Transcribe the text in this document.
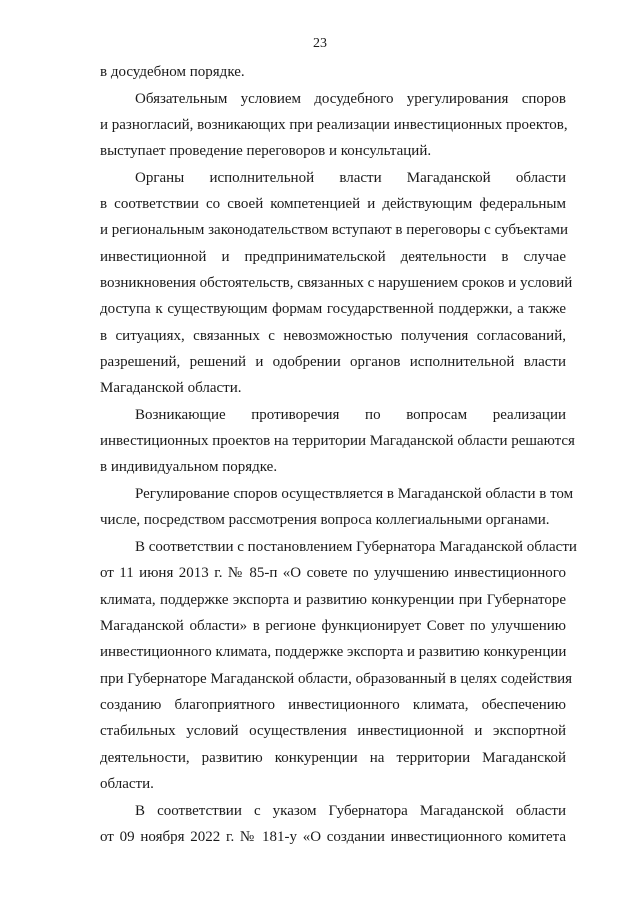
23
в досудебном порядке.
Обязательным условием досудебного урегулирования споров
и разногласий, возникающих при реализации инвестиционных проектов,
выступает проведение переговоров и консультаций.
Органы исполнительной власти Магаданской области
в соответствии со своей компетенцией и действующим федеральным
и региональным законодательством вступают в переговоры с субъектами
инвестиционной и предпринимательской деятельности в случае
возникновения обстоятельств, связанных с нарушением сроков и условий
доступа к существующим формам государственной поддержки, а также
в ситуациях, связанных с невозможностью получения согласований,
разрешений, решений и одобрении органов исполнительной власти
Магаданской области.
Возникающие противоречия по вопросам реализации
инвестиционных проектов на территории Магаданской области решаются
в индивидуальном порядке.
Регулирование споров осуществляется в Магаданской области в том
числе, посредством рассмотрения вопроса коллегиальными органами.
В соответствии с постановлением Губернатора Магаданской области
от 11 июня 2013 г. № 85-п «О совете по улучшению инвестиционного
климата, поддержке экспорта и развитию конкуренции при Губернаторе
Магаданской области» в регионе функционирует Совет по улучшению
инвестиционного климата, поддержке экспорта и развитию конкуренции
при Губернаторе Магаданской области, образованный в целях содействия
созданию благоприятного инвестиционного климата, обеспечению
стабильных условий осуществления инвестиционной и экспортной
деятельности, развитию конкуренции на территории Магаданской
области.
В соответствии с указом Губернатора Магаданской области
от 09 ноября 2022 г. № 181-у «О создании инвестиционного комитета
